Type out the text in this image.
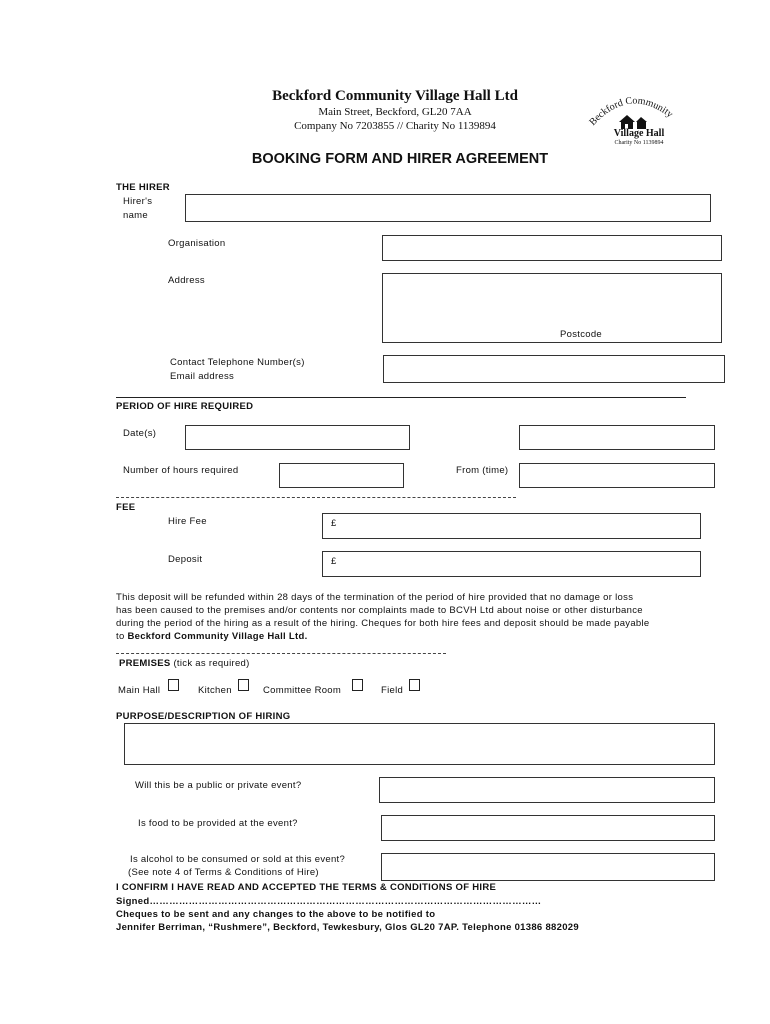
Beckford Community Village Hall Ltd
Main Street, Beckford, GL20 7AA
Company No 7203855 // Charity No 1139894	Beckford Community
Village Hall
Charity No 1139894
BOOKING FORM AND HIRER AGREEMENT
THE HIRER
Hirer's
name
Organisation
Address
Postcode
Contact Telephone Number(s)
Email address
PERIOD OF HIRE REQUIRED
Date(s)
Number of hours required	From (time)
FEE
Hire Fee	£
Deposit	£
This deposit will be refunded within 28 days of the termination of the period of hire provided that no damage or loss
has been caused to the premises and/or contents nor complaints made to BCVH Ltd about noise or other disturbance
during the period of the hiring as a result of the hiring. Cheques for both hire fees and deposit should be made payable
to Beckford Community Village Hall Ltd.
PREMISES (tick as required)
Main Hall	Kitchen	Committee Room	Field
PURPOSE/DESCRIPTION OF HIRING
Will this be a public or private event?
Is food to be provided at the event?
Is alcohol to be consumed or sold at this event?
(See note 4 of Terms & Conditions of Hire)
I CONFIRM I HAVE READ AND ACCEPTED THE TERMS & CONDITIONS OF HIRE
Signed…………………………………………………………………………………………………………
Cheques to be sent and any changes to the above to be notified to
Jennifer Berriman, “Rushmere”, Beckford, Tewkesbury, Glos GL20 7AP. Telephone 01386 882029
